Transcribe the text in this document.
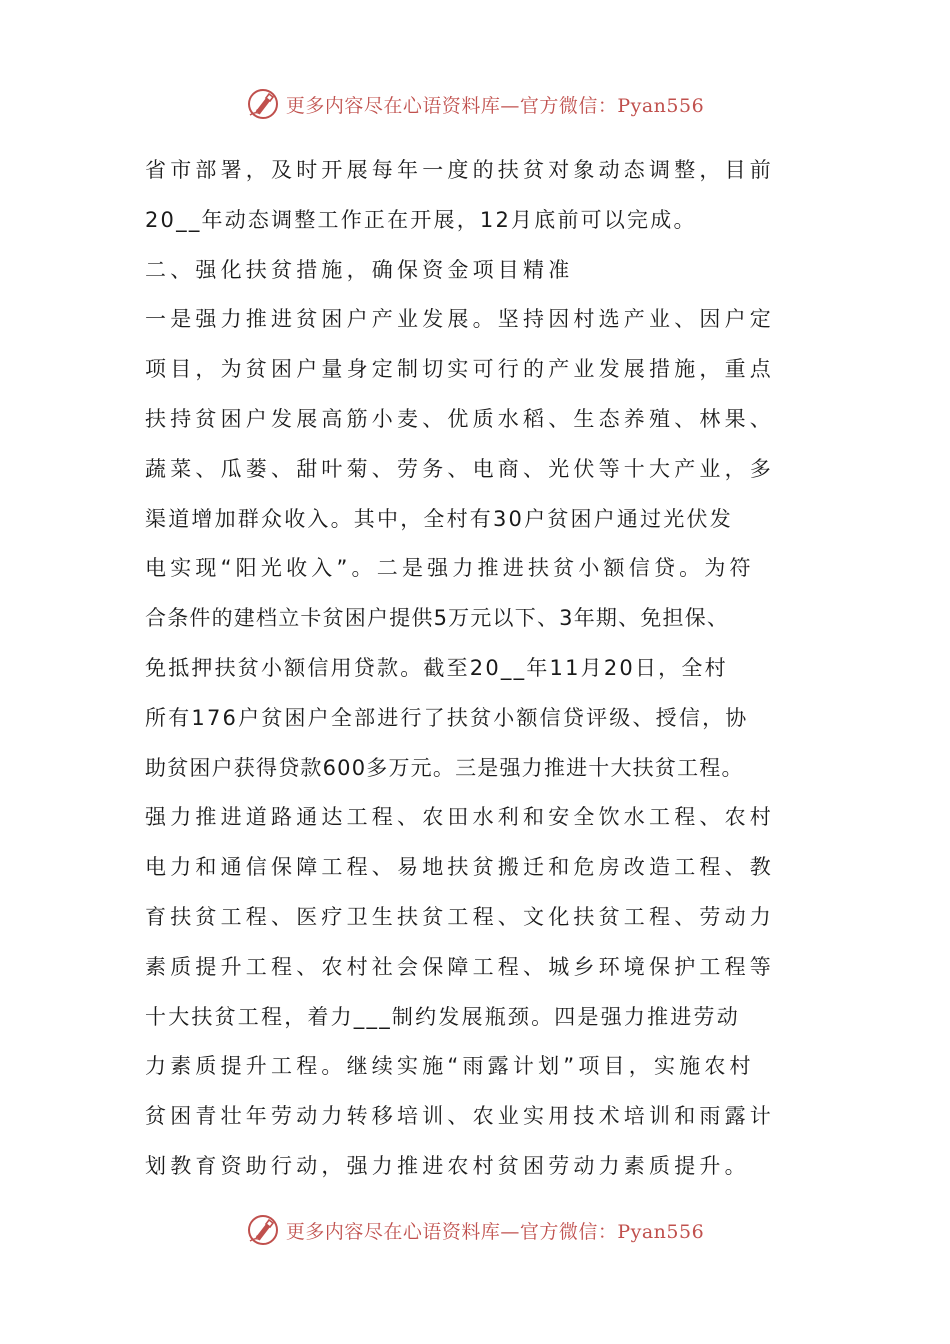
更多内容尽在心语资料库—官方微信：Pyan556
省市部署，及时开展每年一度的扶贫对象动态调整，目前
20__年动态调整工作正在开展，12月底前可以完成。
二、强化扶贫措施，确保资金项目精准
一是强力推进贫困户产业发展。坚持因村选产业、因户定
项目，为贫困户量身定制切实可行的产业发展措施，重点
扶持贫困户发展高筋小麦、优质水稻、生态养殖、林果、
蔬菜、瓜蒌、甜叶菊、劳务、电商、光伏等十大产业，多
渠道增加群众收入。其中，全村有30户贫困户通过光伏发
电实现“阳光收入”。二是强力推进扶贫小额信贷。为符
合条件的建档立卡贫困户提供5万元以下、3年期、免担保、
免抵押扶贫小额信用贷款。截至20__年11月20日，全村
所有176户贫困户全部进行了扶贫小额信贷评级、授信，协
助贫困户获得贷款600多万元。三是强力推进十大扶贫工程。
强力推进道路通达工程、农田水利和安全饮水工程、农村
电力和通信保障工程、易地扶贫搬迁和危房改造工程、教
育扶贫工程、医疗卫生扶贫工程、文化扶贫工程、劳动力
素质提升工程、农村社会保障工程、城乡环境保护工程等
十大扶贫工程，着力___制约发展瓶颈。四是强力推进劳动
力素质提升工程。继续实施“雨露计划”项目，实施农村
贫困青壮年劳动力转移培训、农业实用技术培训和雨露计
划教育资助行动，强力推进农村贫困劳动力素质提升。
更多内容尽在心语资料库—官方微信：Pyan556
